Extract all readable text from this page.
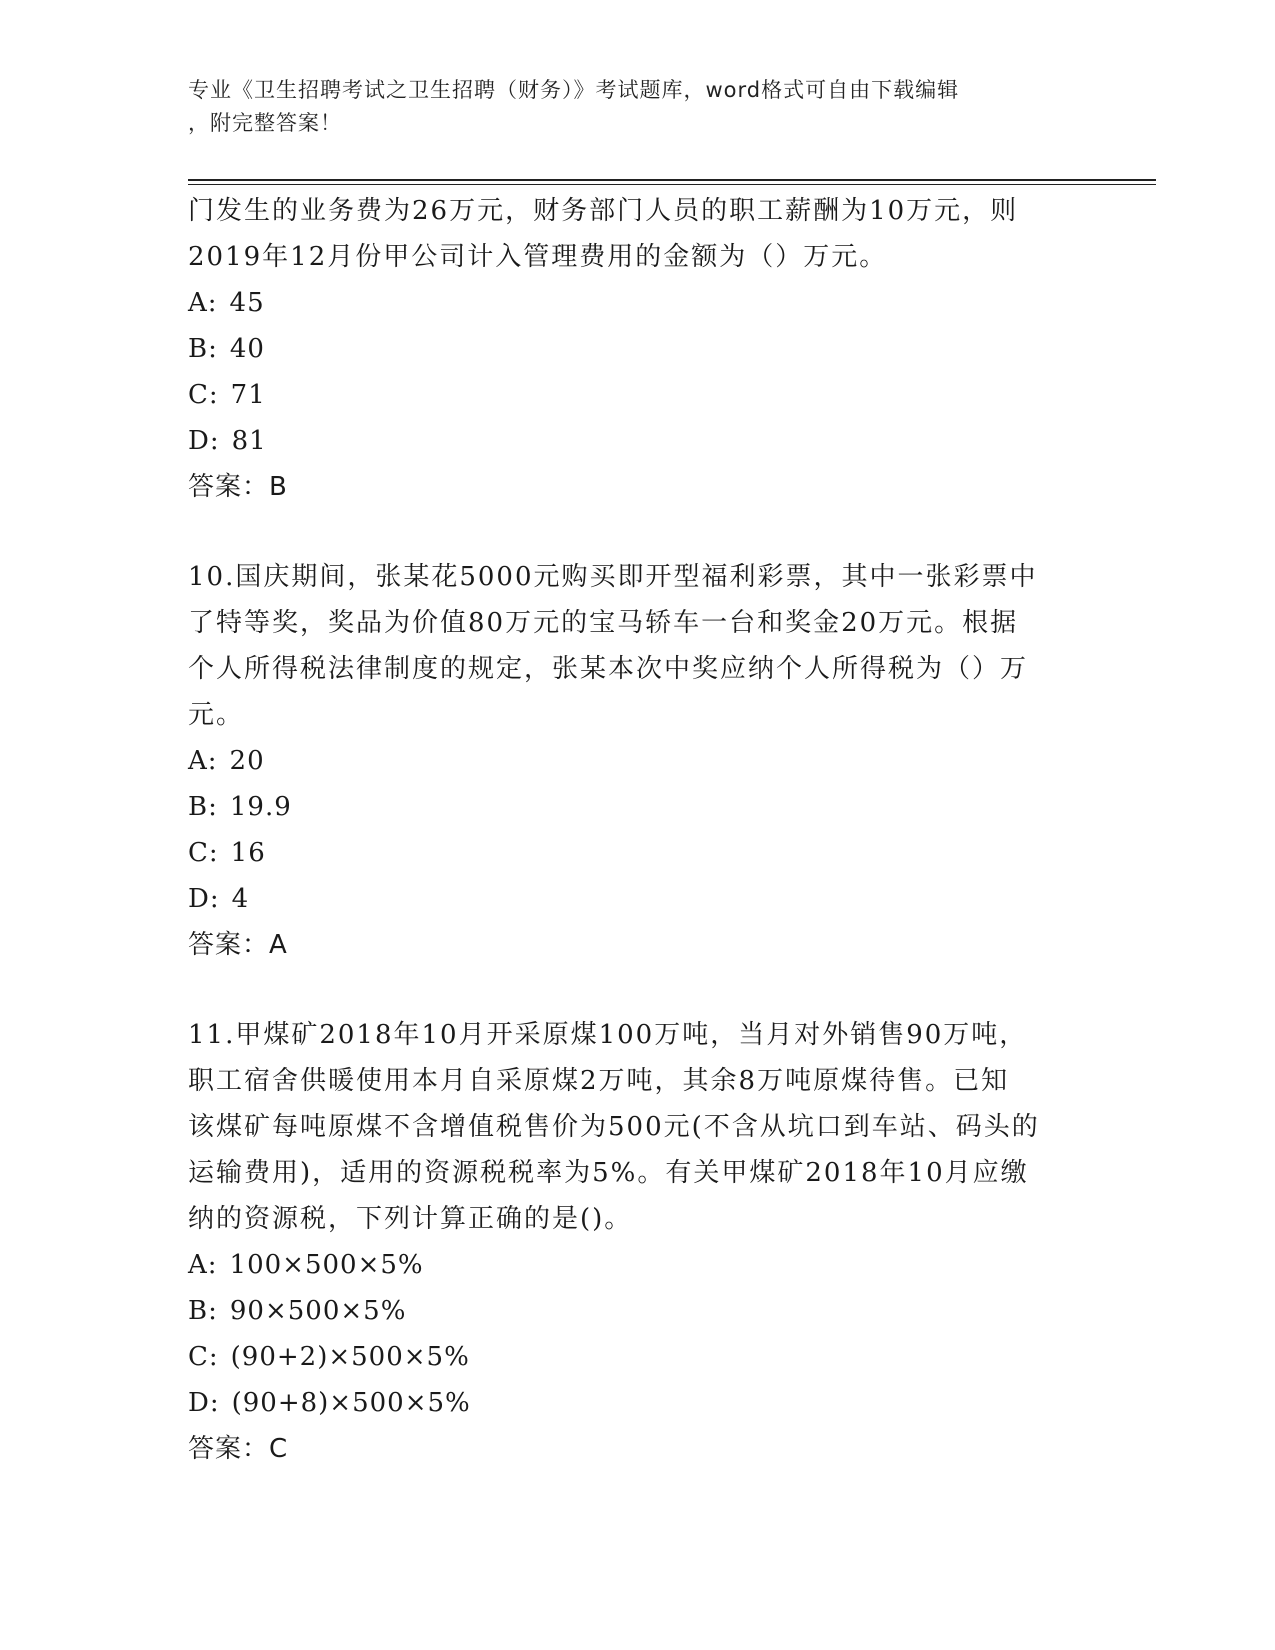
专业《卫生招聘考试之卫生招聘（财务）》考试题库，word格式可自由下载编辑
，附完整答案！

门发生的业务费为26万元，财务部门人员的职工薪酬为10万元，则

2019年12月份甲公司计入管理费用的金额为（）万元。

A: 45

B: 40

C: 71

D: 81

答案：B

10.国庆期间，张某花5000元购买即开型福利彩票，其中一张彩票中

了特等奖，奖品为价值80万元的宝马轿车一台和奖金20万元。根据

个人所得税法律制度的规定，张某本次中奖应纳个人所得税为（）万

元。

A: 20

B: 19.9

C: 16

D: 4

答案：A

11.甲煤矿2018年10月开采原煤100万吨，当月对外销售90万吨，

职工宿舍供暖使用本月自采原煤2万吨，其余8万吨原煤待售。已知

该煤矿每吨原煤不含增值税售价为500元(不含从坑口到车站、码头的

运输费用)，适用的资源税税率为5%。有关甲煤矿2018年10月应缴

纳的资源税，下列计算正确的是()。

A: 100×500×5%

B: 90×500×5%

C: (90+2)×500×5%

D: (90+8)×500×5%

答案：C
